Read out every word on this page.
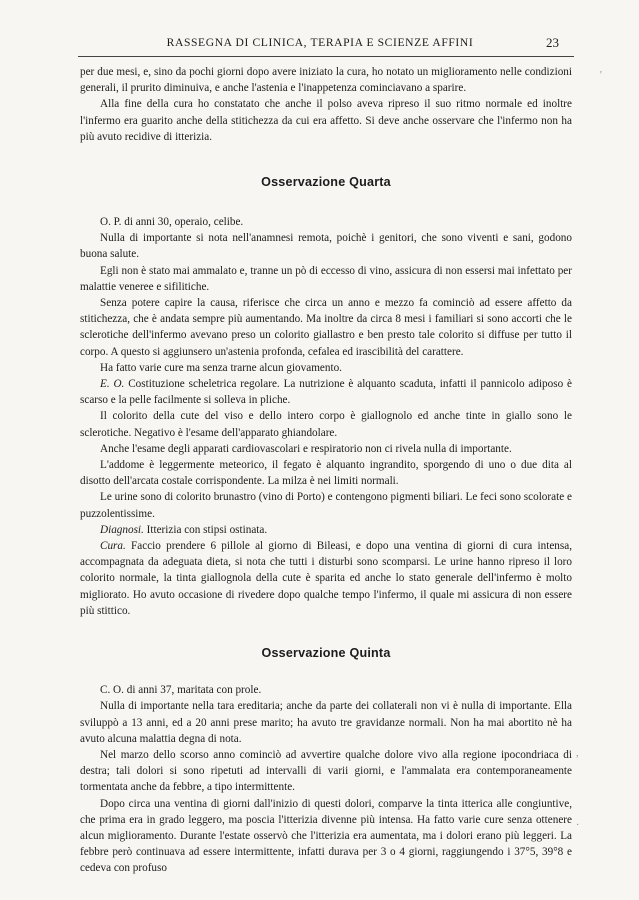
RASSEGNA DI CLINICA, TERAPIA E SCIENZE AFFINI	23
'
,
·

per due mesi, e, sino da pochi giorni dopo avere iniziato la cura, ho notato un miglioramento nelle condizioni generali, il prurito diminuiva, e anche l'astenia e l'inappetenza cominciavano a sparire.

Alla fine della cura ho constatato che anche il polso aveva ripreso il suo ritmo normale ed inoltre l'infermo era guarito anche della stitichezza da cui era affetto. Si deve anche osservare che l'infermo non ha più avuto recidive di itterizia.

Osservazione Quarta

O. P. di anni 30, operaio, celibe.

Nulla di importante si nota nell'anamnesi remota, poichè i genitori, che sono viventi e sani, godono buona salute.

Egli non è stato mai ammalato e, tranne un pò di eccesso di vino, assicura di non essersi mai infettato per malattie veneree e sifilitiche.

Senza potere capire la causa, riferisce che circa un anno e mezzo fa cominciò ad essere affetto da stitichezza, che è andata sempre più aumentando. Ma inoltre da circa 8 mesi i familiari si sono accorti che le sclerotiche dell'infermo avevano preso un colorito giallastro e ben presto tale colorito si diffuse per tutto il corpo. A questo si aggiunsero un'astenia profonda, cefalea ed irascibilità del carattere.

Ha fatto varie cure ma senza trarne alcun giovamento.

E. O. Costituzione scheletrica regolare. La nutrizione è alquanto scaduta, infatti il pannicolo adiposo è scarso e la pelle facilmente si solleva in pliche.

Il colorito della cute del viso e dello intero corpo è giallognolo ed anche tinte in giallo sono le sclerotiche. Negativo è l'esame dell'apparato ghiandolare.

Anche l'esame degli apparati cardiovascolari e respiratorio non ci rivela nulla di importante.

L'addome è leggermente meteorico, il fegato è alquanto ingrandito, sporgendo di uno o due dita al disotto dell'arcata costale corrispondente. La milza è nei limiti normali.

Le urine sono di colorito brunastro (vino di Porto) e contengono pigmenti biliari. Le feci sono scolorate e puzzolentissime.

Diagnosi. Itterizia con stipsi ostinata.

Cura. Faccio prendere 6 pillole al giorno di Bileasi, e dopo una ventina di giorni di cura intensa, accompagnata da adeguata dieta, si nota che tutti i disturbi sono scomparsi. Le urine hanno ripreso il loro colorito normale, la tinta giallognola della cute è sparita ed anche lo stato generale dell'infermo è molto migliorato. Ho avuto occasione di rivedere dopo qualche tempo l'infermo, il quale mi assicura di non essere più stittico.

Osservazione Quinta

C. O. di anni 37, maritata con prole.

Nulla di importante nella tara ereditaria; anche da parte dei collaterali non vi è nulla di importante. Ella sviluppò a 13 anni, ed a 20 anni prese marito; ha avuto tre gravidanze normali. Non ha mai abortito nè ha avuto alcuna malattia degna di nota.

Nel marzo dello scorso anno cominciò ad avvertire qualche dolore vivo alla regione ipocondriaca di destra; tali dolori si sono ripetuti ad intervalli di varii giorni, e l'ammalata era contemporaneamente tormentata anche da febbre, a tipo intermittente.

Dopo circa una ventina di giorni dall'inizio di questi dolori, comparve la tinta itterica alle congiuntive, che prima era in grado leggero, ma poscia l'itterizia divenne più intensa. Ha fatto varie cure senza ottenere alcun miglioramento. Durante l'estate osservò che l'itterizia era aumentata, ma i dolori erano più leggeri. La febbre però continuava ad essere intermittente, infatti durava per 3 o 4 giorni, raggiungendo i 37°5, 39°8 e cedeva con profuso
